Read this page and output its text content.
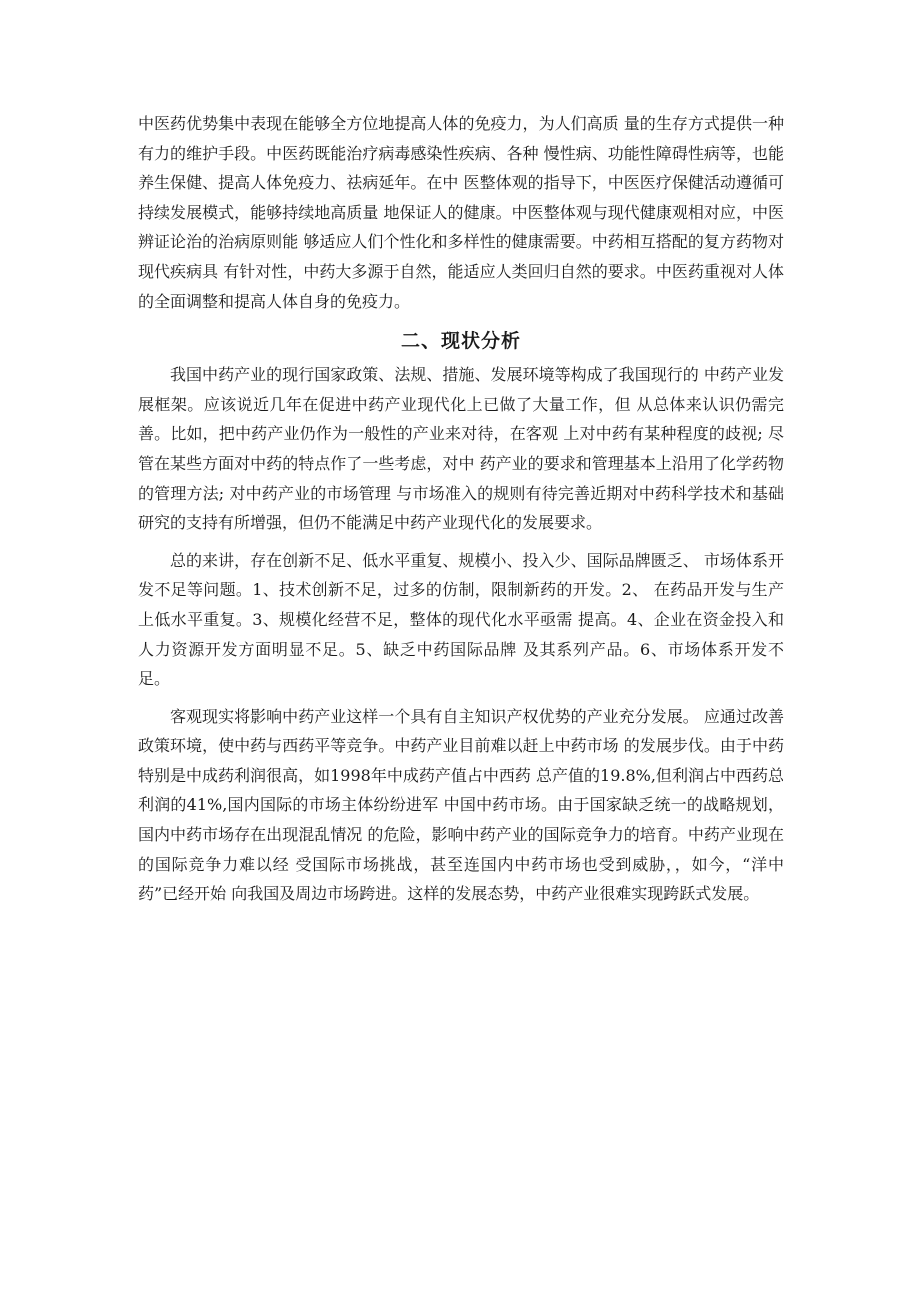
中医药优势集中表现在能够全方位地提高人体的免疫力，为人们高质 量的生存方式提供一种有力的维护手段。中医药既能治疗病毒感染性疾病、各种 慢性病、功能性障碍性病等，也能养生保健、提高人体免疫力、祛病延年。在中 医整体观的指导下，中医医疗保健活动遵循可持续发展模式，能够持续地高质量 地保证人的健康。中医整体观与现代健康观相对应，中医辨证论治的治病原则能 够适应人们个性化和多样性的健康需要。中药相互搭配的复方药物对现代疾病具 有针对性，中药大多源于自然，能适应人类回归自然的要求。中医药重视对人体 的全面调整和提高人体自身的免疫力。

二、现状分析

我国中药产业的现行国家政策、法规、措施、发展环境等构成了我国现行的 中药产业发展框架。应该说近几年在促进中药产业现代化上已做了大量工作，但 从总体来认识仍需完善。比如，把中药产业仍作为一般性的产业来对待，在客观 上对中药有某种程度的歧视; 尽管在某些方面对中药的特点作了一些考虑，对中 药产业的要求和管理基本上沿用了化学药物的管理方法; 对中药产业的市场管理 与市场准入的规则有待完善近期对中药科学技术和基础研究的支持有所增强，但仍不能满足中药产业现代化的发展要求。

总的来讲，存在创新不足、低水平重复、规模小、投入少、国际品牌匮乏、 市场体系开发不足等问题。1、技术创新不足，过多的仿制，限制新药的开发。2、 在药品开发与生产上低水平重复。3、规模化经营不足，整体的现代化水平亟需 提高。4、企业在资金投入和人力资源开发方面明显不足。5、缺乏中药国际品牌 及其系列产品。6、市场体系开发不足。

客观现实将影响中药产业这样一个具有自主知识产权优势的产业充分发展。 应通过改善政策环境，使中药与西药平等竞争。中药产业目前难以赶上中药市场 的发展步伐。由于中药特别是中成药利润很高，如1998年中成药产值占中西药 总产值的19.8%,但利润占中西药总利润的41%,国内国际的市场主体纷纷进军 中国中药市场。由于国家缺乏统一的战略规划，国内中药市场存在出现混乱情况 的危险，影响中药产业的国际竞争力的培育。中药产业现在的国际竞争力难以经 受国际市场挑战，甚至连国内中药市场也受到威胁，，如今，“洋中药”已经开始 向我国及周边市场跨进。这样的发展态势，中药产业很难实现跨跃式发展。
